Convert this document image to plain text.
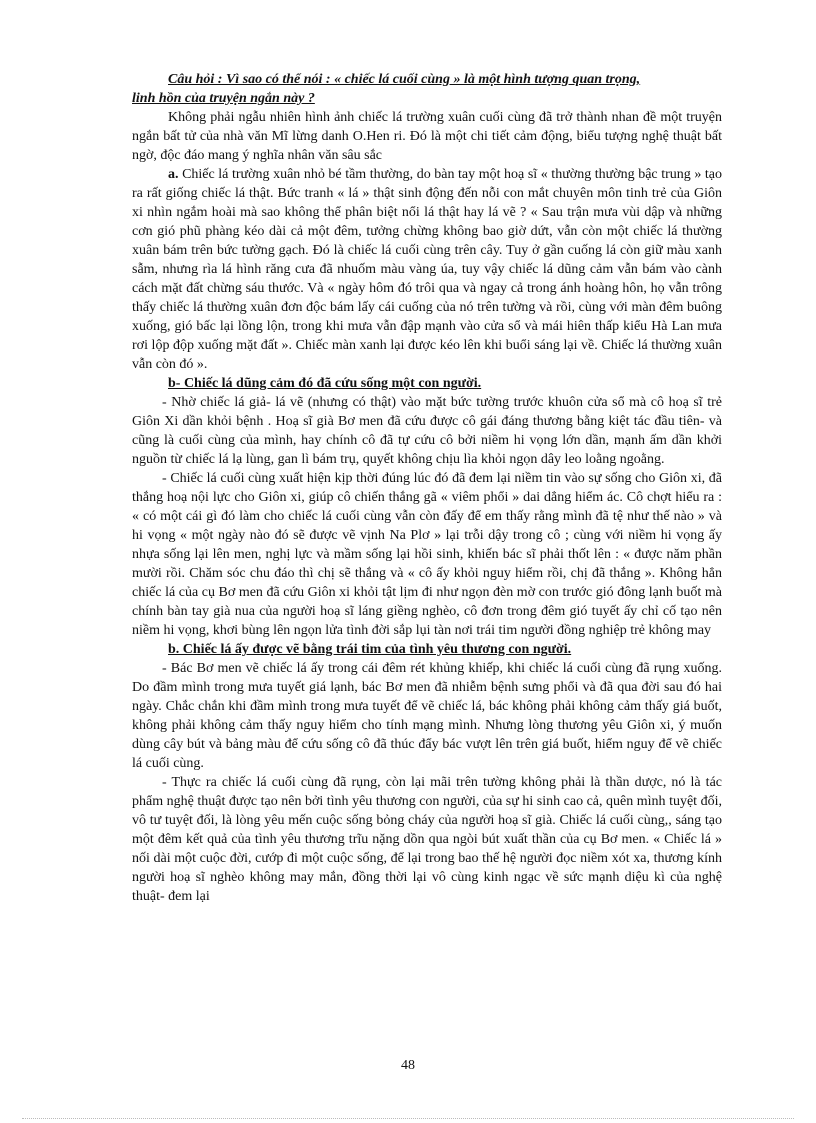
Câu hỏi : Vì sao có thể nói : « chiếc lá cuối cùng » là một hình tượng quan trọng,
linh hồn của truyện ngắn này ?

Không phải ngẫu nhiên hình ảnh chiếc lá trường xuân cuối cùng đã trở thành nhan đề một truyện ngắn bất tử của nhà văn Mĩ lừng danh O.Hen ri. Đó là một chi tiết cảm động, biểu tượng nghệ thuật bất ngờ, độc đáo mang ý nghĩa nhân văn sâu sắc

a. Chiếc lá trường xuân nhỏ bé tầm thường, do bàn tay một hoạ sĩ « thường thường bậc trung » tạo ra rất giống chiếc lá thật. Bức tranh « lá » thật sinh động đến nỗi con mắt chuyên môn tinh trẻ của Giôn xi nhìn ngắm hoài mà sao không thể phân biệt nổi lá thật hay lá vẽ ? « Sau trận mưa vùi dập và những cơn gió phũ phàng kéo dài cả một đêm, tưởng chừng không bao giờ dứt, vẫn còn một chiếc lá thường xuân bám trên bức tường gạch. Đó là chiếc lá cuối cùng trên cây. Tuy ở gần cuống lá còn giữ màu xanh sẫm, nhưng rìa lá hình răng cưa đã nhuốm màu vàng úa, tuy vậy chiếc lá dũng cảm vẫn bám vào cành cách mặt đất chừng sáu thước. Và « ngày hôm đó trôi qua và ngay cả trong ánh hoàng hôn, họ vẫn trông thấy chiếc lá thường xuân đơn độc bám lấy cái cuống của nó trên tường và rồi, cùng với màn đêm buông xuống, gió bấc lại lồng lộn, trong khi mưa vẫn đập mạnh vào cửa sổ và mái hiên thấp kiểu Hà Lan mưa rơi lộp độp xuống mặt đất ». Chiếc màn xanh lại được kéo lên khi buổi sáng lại về. Chiếc lá thường xuân vẫn còn đó ».

b- Chiếc lá dũng cảm đó đã cứu sống một con người.

- Nhờ chiếc lá giả- lá vẽ (nhưng có thật) vào mặt bức tường trước khuôn cửa sổ mà cô hoạ sĩ trẻ Giôn Xi dần khỏi bệnh . Hoạ sĩ già Bơ men đã cứu được cô gái đáng thương bằng kiệt tác đầu tiên- và cũng là cuối cùng của mình, hay chính cô đã tự cứu cô bởi niềm hi vọng lớn dần, mạnh ấm dần khởi nguồn từ chiếc lá lạ lùng, gan lì bám trụ, quyết không chịu lìa khỏi ngọn dây leo loằng ngoằng.

- Chiếc lá cuối cùng xuất hiện kịp thời đúng lúc đó đã đem lại niềm tin vào sự sống cho Giôn xi, đã thắng hoạ nội lực cho Giôn xi, giúp cô chiến thắng gã « viêm phổi » dai dẳng hiểm ác. Cô chợt hiểu ra : « có một cái gì đó làm cho chiếc lá cuối cùng vẫn còn đấy để em thấy rằng mình đã tệ như thế nào » và hi vọng « một ngày nào đó sẽ được vẽ vịnh Na Plơ » lại trỗi dậy trong cô ; cùng với niềm hi vọng ấy nhựa sống lại lên men, nghị lực và mầm sống lại hồi sinh, khiến bác sĩ phải thốt lên : « được năm phần mười rồi. Chăm sóc chu đáo thì chị sẽ thắng và « cô ấy khỏi nguy hiểm rồi, chị đã thắng ». Không hẳn chiếc lá của cụ Bơ men đã cứu Giôn xi khỏi tật lịm đi như ngọn đèn mờ con trước gió đông lạnh buốt mà chính bàn tay già nua của người hoạ sĩ láng giềng nghèo, cô đơn trong đêm gió tuyết ấy chỉ cố tạo nên niềm hi vọng, khơi bùng lên ngọn lửa tình đời sắp lụi tàn nơi trái tim người đồng nghiệp trẻ không may

b. Chiếc lá ấy được vẽ bằng trái tim của tình yêu thương con người.

- Bác Bơ men vẽ chiếc lá ấy trong cái đêm rét khủng khiếp, khi chiếc lá cuối cùng đã rụng xuống. Do đầm mình trong mưa tuyết giá lạnh, bác Bơ men đã nhiễm bệnh sưng phổi và đã qua đời sau đó hai ngày. Chắc chắn khi đầm mình trong mưa tuyết để vẽ chiếc lá, bác không phải không cảm thấy giá buốt, không phải không cảm thấy nguy hiểm cho tính mạng mình. Nhưng lòng thương yêu Giôn xi, ý muốn dùng cây bút và bảng màu để cứu sống cô đã thúc đẩy bác vượt lên trên giá buốt, hiểm nguy để vẽ chiếc lá cuối cùng.

- Thực ra chiếc lá cuối cùng đã rụng, còn lại mãi trên tường không phải là thần dược, nó là tác phẩm nghệ thuật được tạo nên bởi tình yêu thương con người, của sự hi sinh cao cả, quên mình tuyệt đối, vô tư tuyệt đối, là lòng yêu mến cuộc sống bỏng cháy của người hoạ sĩ già. Chiếc lá cuối cùng,, sáng tạo một đêm kết quả của tình yêu thương trĩu nặng dồn qua ngòi bút xuất thần của cụ Bơ men. « Chiếc lá » nối dài một cuộc đời, cướp đi một cuộc sống, để lại trong bao thế hệ người đọc niềm xót xa, thương kính người hoạ sĩ nghèo không may mắn, đồng thời lại vô cùng kinh ngạc về sức mạnh diệu kì của nghệ thuật- đem lại

48
